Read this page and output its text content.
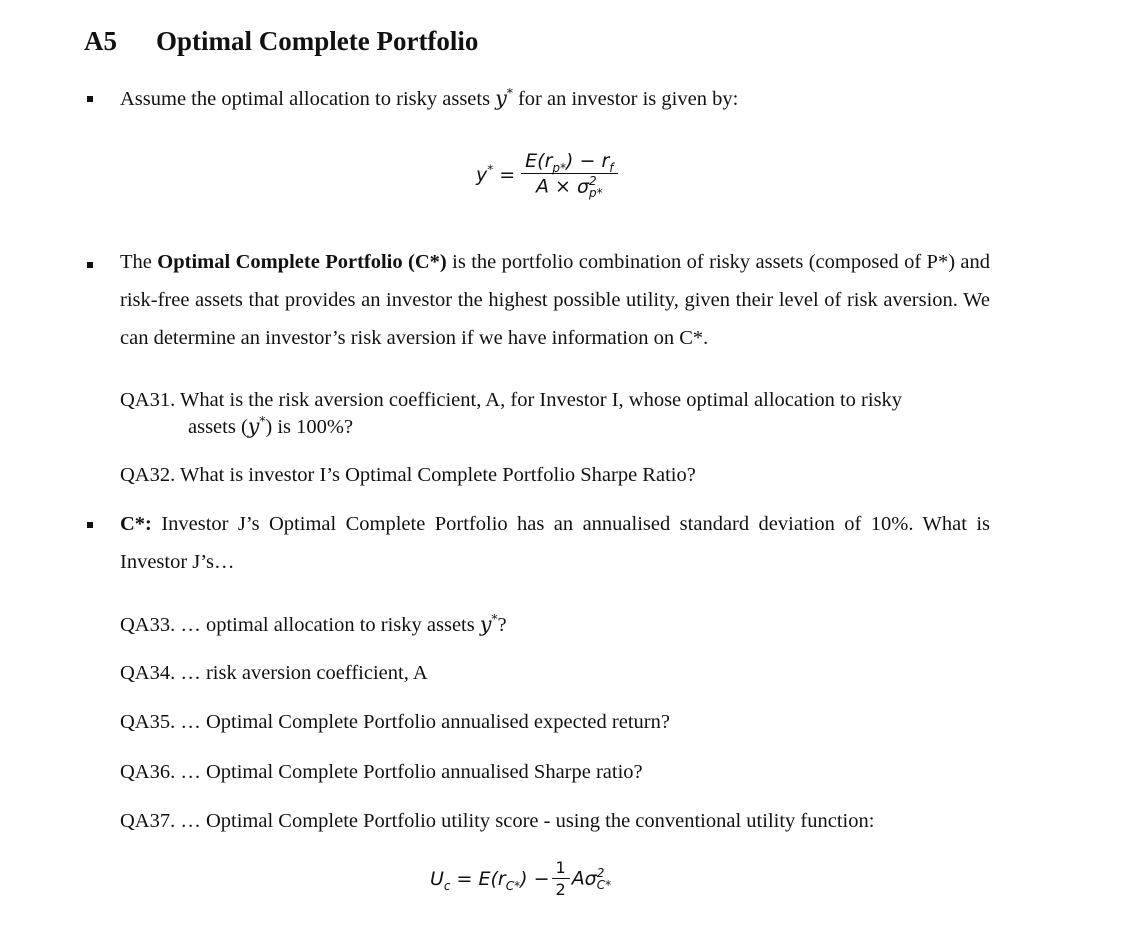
A5 Optimal Complete Portfolio
Assume the optimal allocation to risky assets y* for an investor is given by:
$y^* = E(r_{p*}) - r_f$
A × σ 2
p*
The Optimal Complete Portfolio (C*) is the portfolio combination of risky assets (composed of P*) and risk-free assets that provides an investor the highest possible utility, given their level of risk aversion. We can determine an investor’s risk aversion if we have information on C*.
QA31. What is the risk aversion coefficient, A, for Investor I, whose optimal allocation to risky
assets (y*) is 100%?
QA32. What is investor I’s Optimal Complete Portfolio Sharpe Ratio?
C*: Investor J’s Optimal Complete Portfolio has an annualised standard deviation of 10%. What is Investor J’s…
QA33. … optimal allocation to risky assets y*?
QA34. … risk aversion coefficient, A
QA35. … Optimal Complete Portfolio annualised expected return?
QA36. … Optimal Complete Portfolio annualised Sharpe ratio?
QA37. … Optimal Complete Portfolio utility score - using the conventional utility function:
$U_c = E(r_{C*}) - \frac{1}{2}$ Aσ 2
C*
